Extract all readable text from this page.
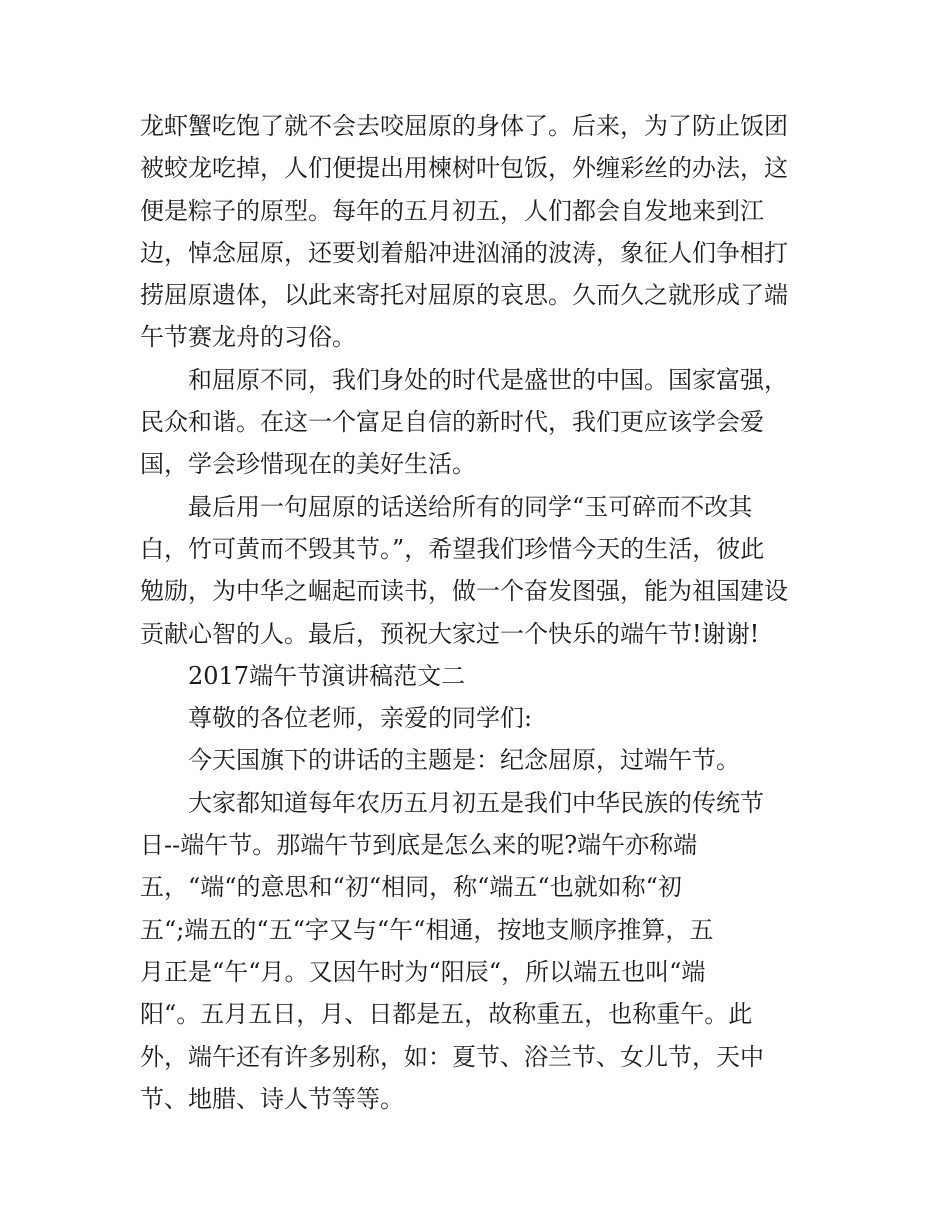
龙虾蟹吃饱了就不会去咬屈原的身体了。后来，为了防止饭团
被蛟龙吃掉，人们便提出用楝树叶包饭，外缠彩丝的办法，这
便是粽子的原型。每年的五月初五，人们都会自发地来到江
边，悼念屈原，还要划着船冲进汹涌的波涛，象征人们争相打
捞屈原遗体，以此来寄托对屈原的哀思。久而久之就形成了端
午节赛龙舟的习俗。
和屈原不同，我们身处的时代是盛世的中国。国家富强，
民众和谐。在这一个富足自信的新时代，我们更应该学会爱
国，学会珍惜现在的美好生活。
最后用一句屈原的话送给所有的同学“玉可碎而不改其
白，竹可黄而不毁其节。”，希望我们珍惜今天的生活，彼此
勉励，为中华之崛起而读书，做一个奋发图强，能为祖国建设
贡献心智的人。最后，预祝大家过一个快乐的端午节!谢谢!
2017端午节演讲稿范文二
尊敬的各位老师，亲爱的同学们:
今天国旗下的讲话的主题是：纪念屈原，过端午节。
大家都知道每年农历五月初五是我们中华民族的传统节
日--端午节。那端午节到底是怎么来的呢?端午亦称端
五，“端“的意思和“初“相同，称“端五“也就如称“初
五“;端五的“五“字又与“午“相通，按地支顺序推算，五
月正是“午“月。又因午时为“阳辰“，所以端五也叫“端
阳“。五月五日，月、日都是五，故称重五，也称重午。此
外，端午还有许多别称，如：夏节、浴兰节、女儿节，天中
节、地腊、诗人节等等。
